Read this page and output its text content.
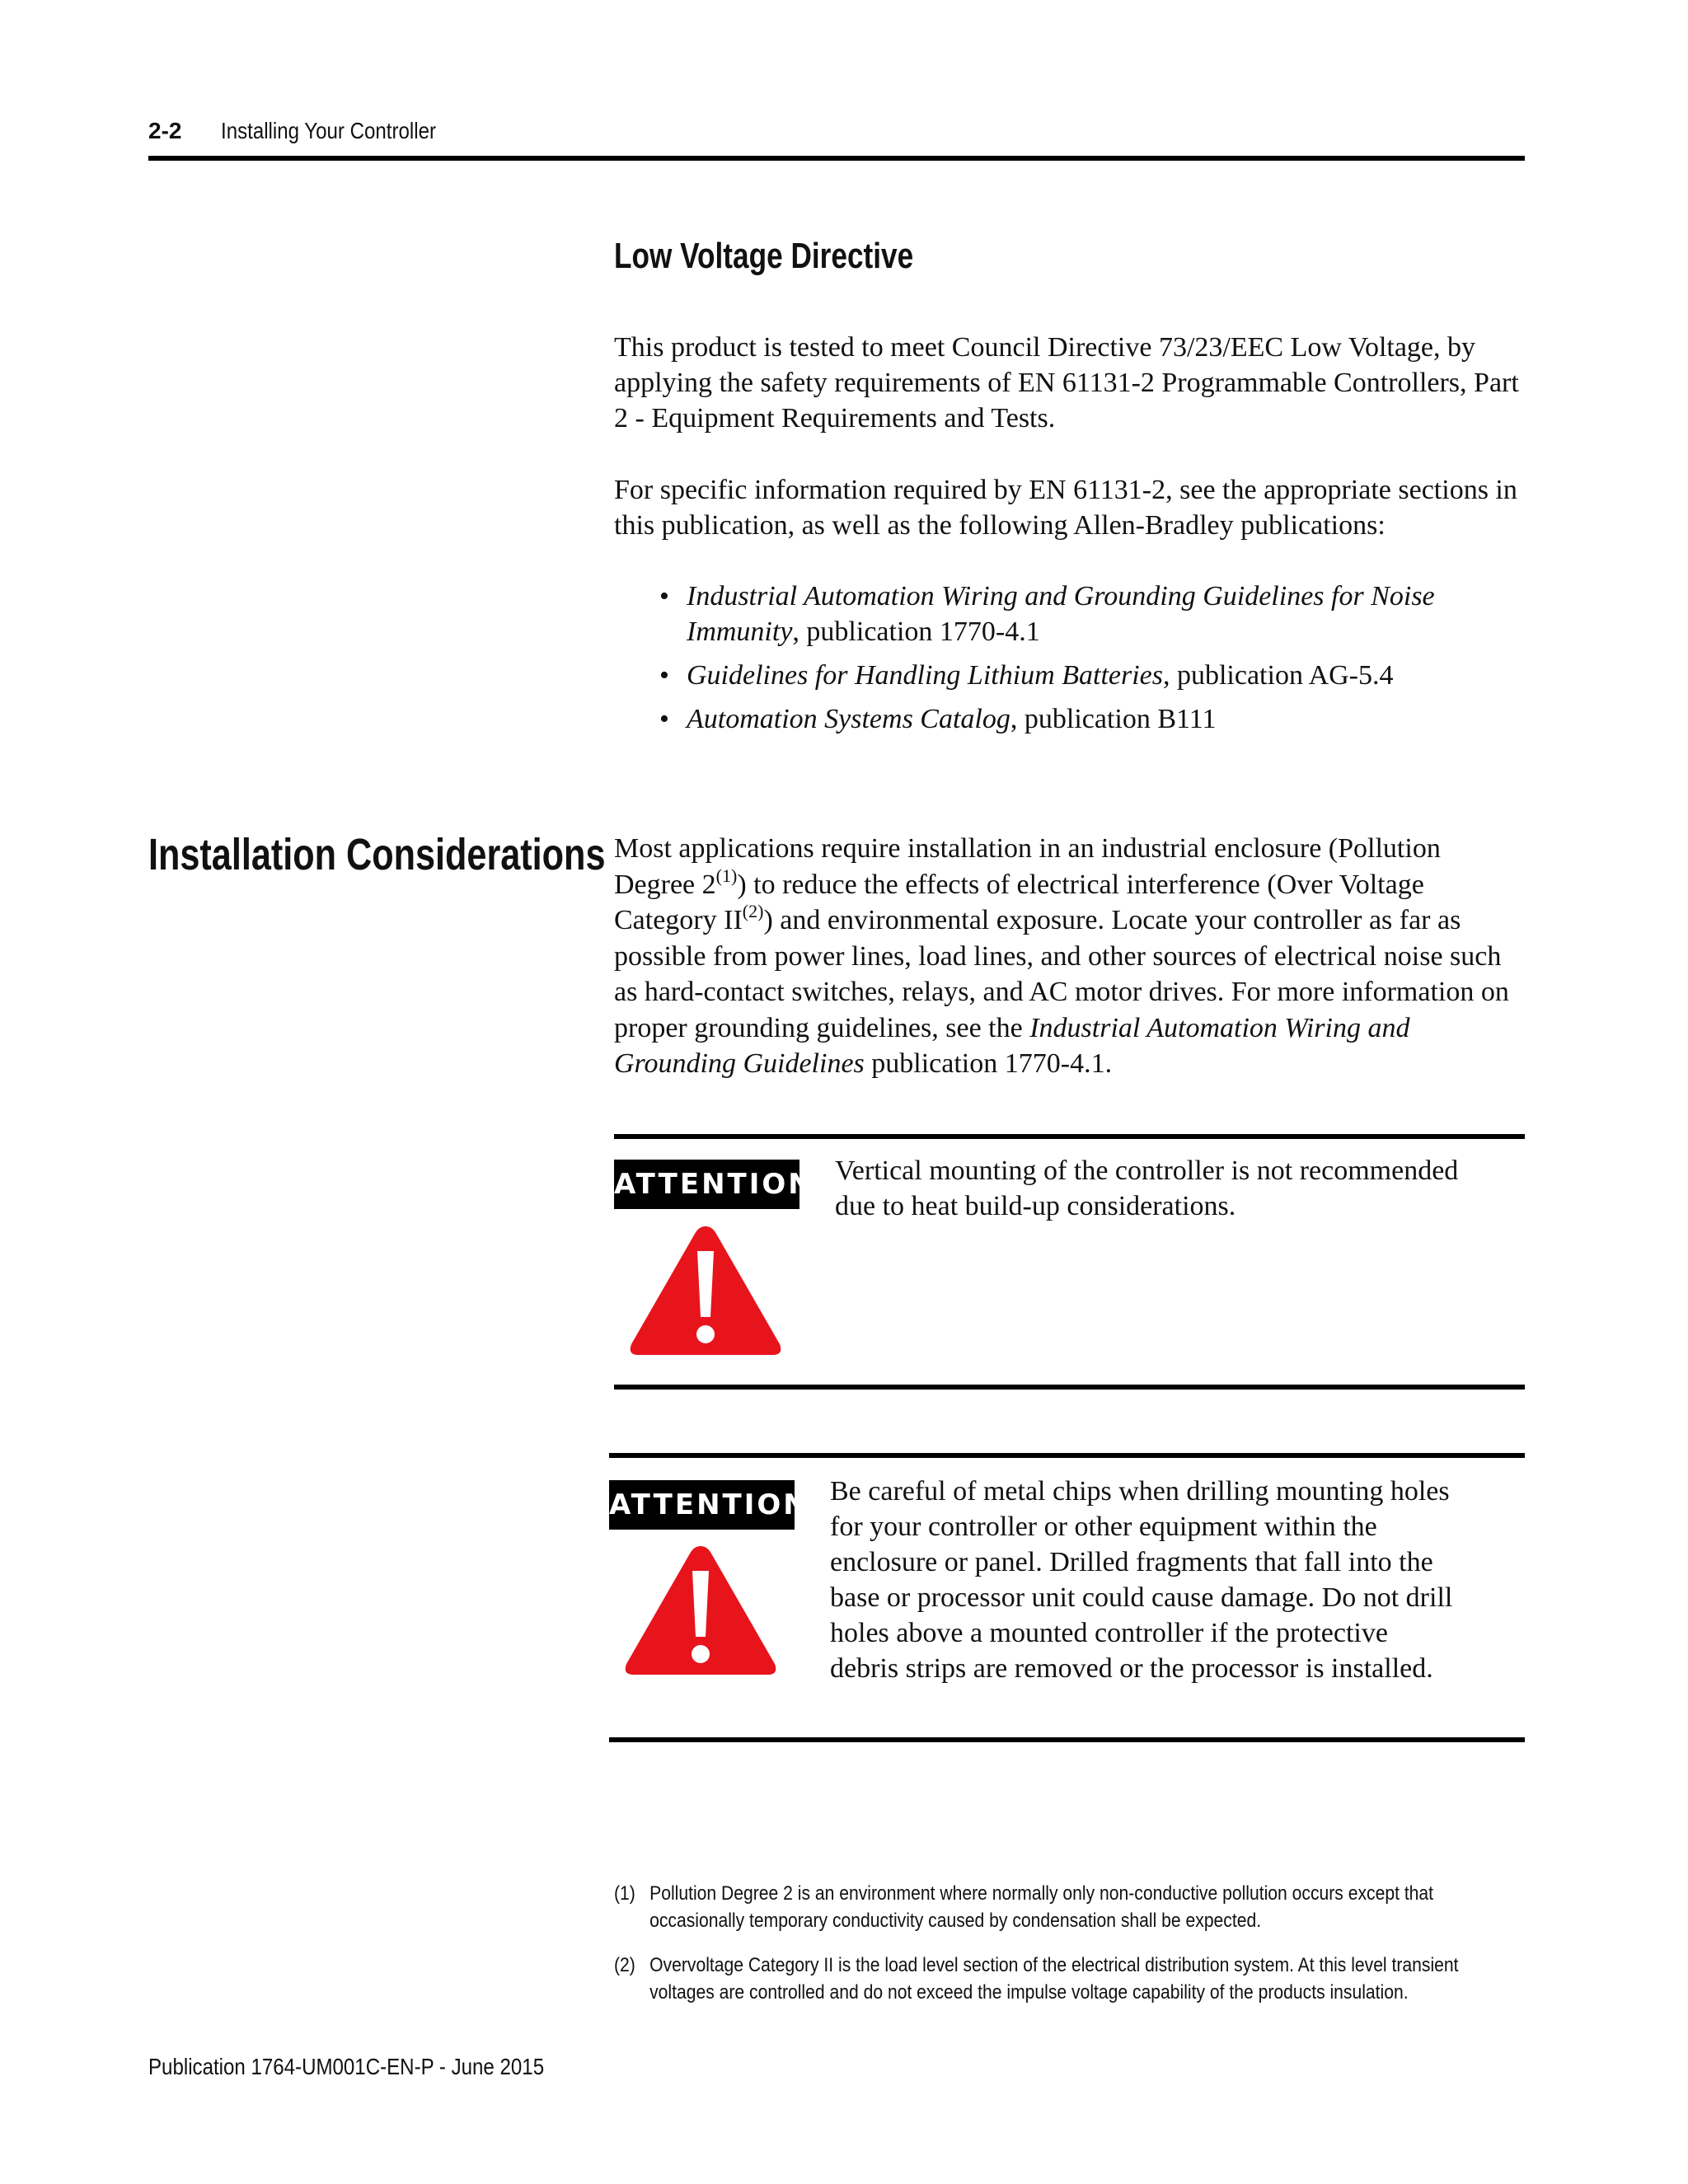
2-2 Installing Your Controller
Low Voltage Directive
This product is tested to meet Council Directive 73/23/EEC Low Voltage, by applying the safety requirements of EN 61131-2 Programmable Controllers, Part 2 - Equipment Requirements and Tests.
For specific information required by EN 61131-2, see the appropriate sections in this publication, as well as the following Allen-Bradley publications:
• Industrial Automation Wiring and Grounding Guidelines for Noise Immunity, publication 1770-4.1
• Guidelines for Handling Lithium Batteries, publication AG-5.4
• Automation Systems Catalog, publication B111
Installation Considerations Most applications require installation in an industrial enclosure (Pollution Degree 2$^{(1)}$) to reduce the effects of electrical interference (Over Voltage Category II$^{(2)}$) and environmental exposure. Locate your controller as far as possible from power lines, load lines, and other sources of electrical noise such as hard-contact switches, relays, and AC motor drives. For more information on proper grounding guidelines, see the Industrial Automation Wiring and Grounding Guidelines publication 1770-4.1.
ATTENTION Vertical mounting of the controller is not recommended due to heat build-up considerations.
ATTENTION Be careful of metal chips when drilling mounting holes for your controller or other equipment within the enclosure or panel. Drilled fragments that fall into the base or processor unit could cause damage. Do not drill holes above a mounted controller if the protective debris strips are removed or the processor is installed.
(1) Pollution Degree 2 is an environment where normally only non-conductive pollution occurs except that occasionally temporary conductivity caused by condensation shall be expected.
(2) Overvoltage Category II is the load level section of the electrical distribution system. At this level transient voltages are controlled and do not exceed the impulse voltage capability of the products insulation.
Publication 1764-UM001C-EN-P - June 2015
